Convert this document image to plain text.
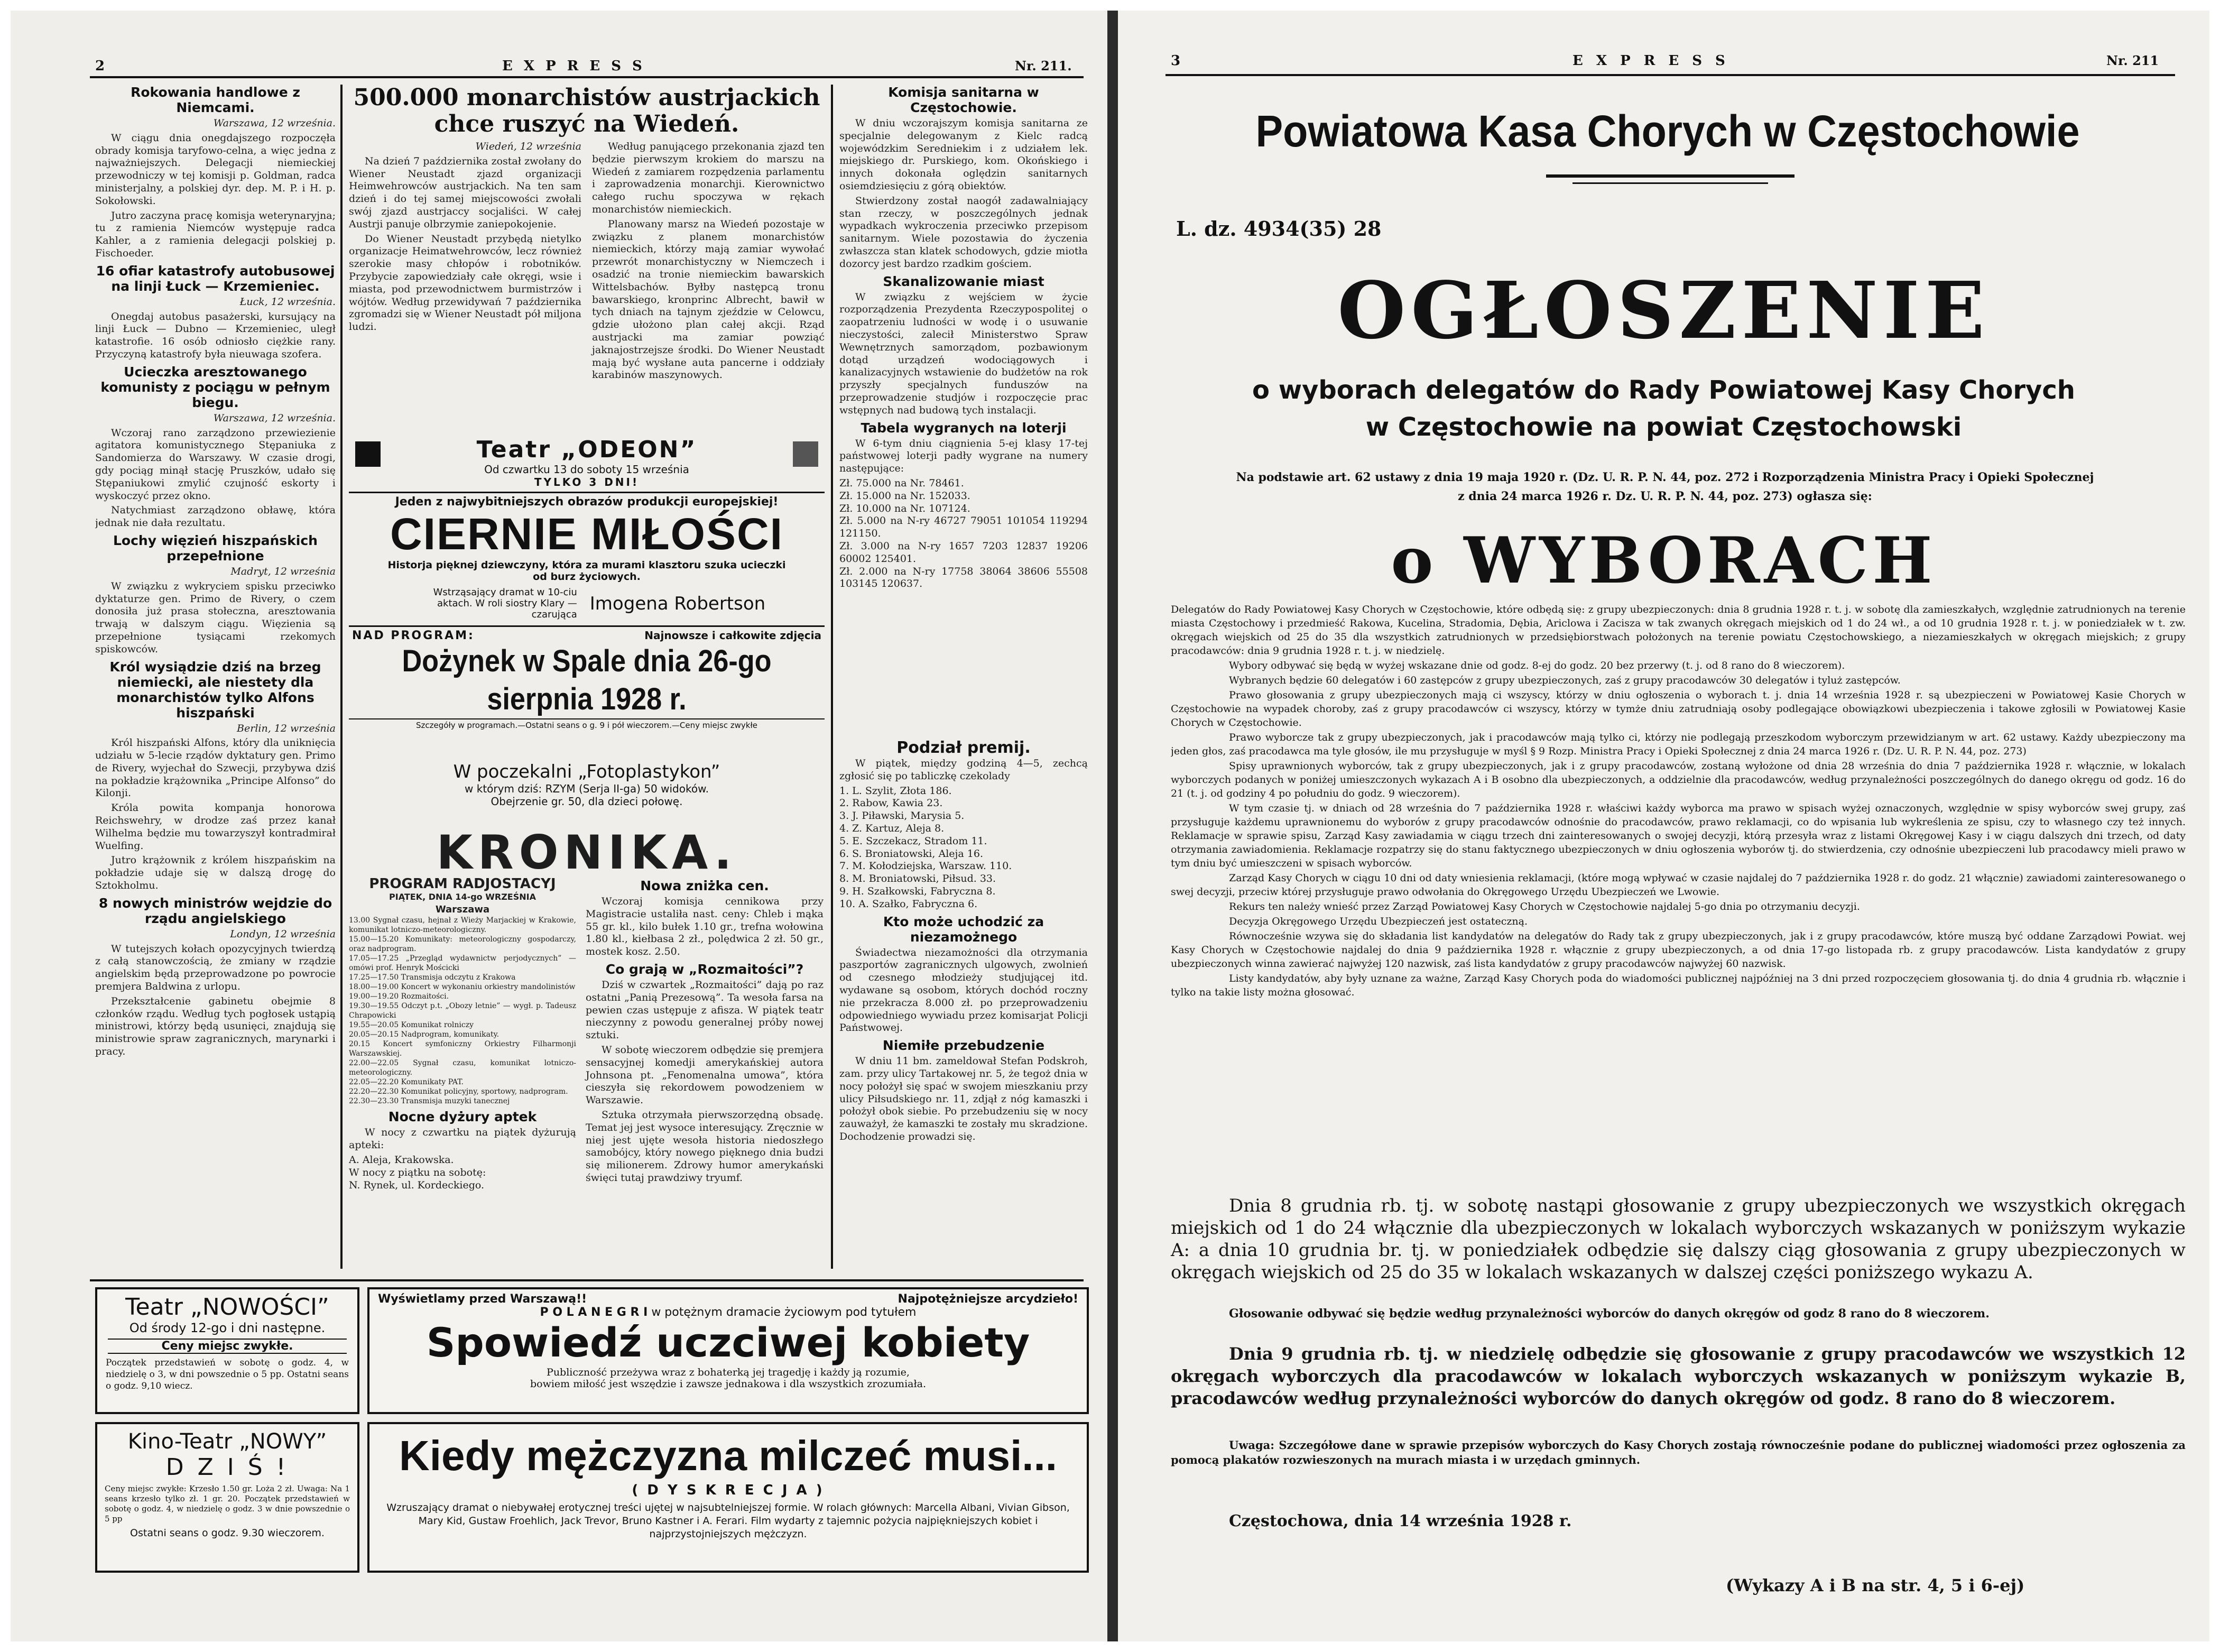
2	E X P R E S S	Nr. 211.
Rokowania handlowe z Niemcami.

Warszawa, 12 września.

W ciągu dnia onegdajszego rozpoczęła obrady komisja taryfowo-celna, a więc jedna z najważniejszych. Delegacji niemieckiej przewodniczy w tej komisji p. Goldman, radca ministerjalny, a polskiej dyr. dep. M. P. i H. p. Sokołowski.

Jutro zaczyna pracę komisja weterynaryjna; tu z ramienia Niemców występuje radca Kahler, a z ramienia delegacji polskiej p. Fischoeder.

16 ofiar katastrofy autobusowej na linji Łuck — Krzemieniec.

Łuck, 12 września.

Onegdaj autobus pasażerski, kursujący na linji Łuck — Dubno — Krzemieniec, uległ katastrofie. 16 osób odniosło ciężkie rany. Przyczyną katastrofy była nieuwaga szofera.

Ucieczka aresztowanego komunisty z pociągu w pełnym biegu.

Warszawa, 12 września.

Wczoraj rano zarządzono przewiezienie agitatora komunistycznego Stępaniuka z Sandomierza do Warszawy. W czasie drogi, gdy pociąg minął stację Pruszków, udało się Stępaniukowi zmylić czujność eskorty i wyskoczyć przez okno.

Natychmiast zarządzono obławę, która jednak nie dała rezultatu.

Lochy więzień hiszpańskich przepełnione

Madryt, 12 września

W związku z wykryciem spisku przeciwko dyktaturze gen. Primo de Rivery, o czem donosiła już prasa stołeczna, aresztowania trwają w dalszym ciągu. Więzienia są przepełnione tysiącami rzekomych spiskowców.

Król wysiądzie dziś na brzeg niemiecki, ale niestety dla monarchistów tylko Alfons hiszpański

Berlin, 12 września

Król hiszpański Alfons, który dla uniknięcia udziału w 5-lecie rządów dyktatury gen. Primo de Rivery, wyjechał do Szwecji, przybywa dziś na pokładzie krążownika „Principe Alfonso” do Kilonji.

Króla powita kompanja honorowa Reichswehry, w drodze zaś przez kanał Wilhelma będzie mu towarzyszył kontradmirał Wuelfing.

Jutro krążownik z królem hiszpańskim na pokładzie udaje się w dalszą drogę do Sztokholmu.

8 nowych ministrów wejdzie do rządu angielskiego

Londyn, 12 września

W tutejszych kołach opozycyjnych twierdzą z całą stanowczością, że zmiany w rządzie angielskim będą przeprowadzone po powrocie premjera Baldwina z urlopu.

Przekształcenie gabinetu obejmie 8 członków rządu. Według tych pogłosek ustąpią ministrowi, którzy będą usunięci, znajdują się ministrowie spraw zagranicznych, marynarki i pracy.

500.000 monarchistów austrjackich chce ruszyć na Wiedeń.

Wiedeń, 12 września

Na dzień 7 października został zwołany do Wiener Neustadt zjazd organizacji Heimwehrowców austrjackich. Na ten sam dzień i do tej samej miejscowości zwołali swój zjazd austrjaccy socjaliści. W całej Austrji panuje olbrzymie zaniepokojenie.

Do Wiener Neustadt przybędą nietylko organizacje Heimatwehrowców, lecz również szerokie masy chłopów i robotników. Przybycie zapowiedziały całe okręgi, wsie i miasta, pod przewodnictwem burmistrzów i wójtów. Według przewidywań 7 października zgromadzi się w Wiener Neustadt pół miljona ludzi.

Według panującego przekonania zjazd ten będzie pierwszym krokiem do marszu na Wiedeń z zamiarem rozpędzenia parlamentu i zaprowadzenia monarchji. Kierownictwo całego ruchu spoczywa w rękach monarchistów niemieckich.

Planowany marsz na Wiedeń pozostaje w związku z planem monarchistów niemieckich, którzy mają zamiar wywołać przewrót monarchistyczny w Niemczech i osadzić na tronie niemieckim bawarskich Wittelsbachów. Byłby następcą tronu bawarskiego, kronprinc Albrecht, bawił w tych dniach na tajnym zjeździe w Celowcu, gdzie ułożono plan całej akcji. Rząd austrjacki ma zamiar powziąć jaknajostrzejsze środki. Do Wiener Neustadt mają być wysłane auta pancerne i oddziały karabinów maszynowych.

Komisja sanitarna w Częstochowie.

W dniu wczorajszym komisja sanitarna ze specjalnie delegowanym z Kielc radcą wojewódzkim Seredniekim i z udziałem lek. miejskiego dr. Purskiego, kom. Okońskiego i innych dokonała oględzin sanitarnych osiemdziesięciu z górą obiektów.

Stwierdzony został naogół zadawalniający stan rzeczy, w poszczególnych jednak wypadkach wykroczenia przeciwko przepisom sanitarnym. Wiele pozostawia do życzenia zwłaszcza stan klatek schodowych, gdzie miotła dozorcy jest bardzo rzadkim gościem.

Skanalizowanie miast

W związku z wejściem w życie rozporządzenia Prezydenta Rzeczypospolitej o zaopatrzeniu ludności w wodę i o usuwanie nieczystości, zalecił Ministerstwo Spraw Wewnętrznych samorządom, pozbawionym dotąd urządzeń wodociągowych i kanalizacyjnych wstawienie do budżetów na rok przyszły specjalnych funduszów na przeprowadzenie studjów i rozpoczęcie prac wstępnych nad budową tych instalacji.

Tabela wygranych na loterji

W 6-tym dniu ciągnienia 5-ej klasy 17-tej państwowej loterji padły wygrane na numery następujące:

Zł. 75.000 na Nr. 78461.
Zł. 15.000 na Nr. 152033.
Zł. 10.000 na Nr. 107124.
Zł. 5.000 na N-ry 46727 79051 101054 119294 121150.
Zł. 3.000 na N-ry 1657 7203 12837 19206 60002 125401.
Zł. 2.000 na N-ry 17758 38064 38606 55508 103145 120637.
Teatr „ODEON”
Od czwartku 13 do soboty 15 września
TYLKO 3 DNI!
Jeden z najwybitniejszych obrazów produkcji europejskiej!
CIERNIE MIŁOŚCI
Historja pięknej dziewczyny, która za murami klasztoru szuka ucieczki od burz życiowych.
Wstrząsający dramat w 10-ciu aktach. W roli siostry Klary — czarująca
Imogena Robertson
NAD PROGRAM:	Najnowsze i całkowite zdjęcia
Dożynek w Spale dnia 26-go sierpnia 1928 r.
Szczegóły w programach.—Ostatni seans o g. 9 i pół wieczorem.—Ceny miejsc zwykłe
W poczekalni „Fotoplastykon”
w którym dziś: RZYM (Serja II-ga) 50 widoków.
Obejrzenie gr. 50, dla dzieci połowę.
Podział premij.

W piątek, między godziną 4—5, zechcą zgłosić się po tabliczkę czekolady

1. L. Szylit, Złota 186.
2. Rabow, Kawia 23.
3. J. Piławski, Marysia 5.
4. Z. Kartuz, Aleja 8.
5. E. Szczekacz, Stradom 11.
6. S. Broniatowski, Aleja 16.
7. M. Kołodziejska, Warszaw. 110.
8. M. Broniatowski, Piłsud. 33.
9. H. Szałkowski, Fabryczna 8.
10. A. Szałko, Fabryczna 6.
Kto może uchodzić za niezamożnego

Świadectwa niezamożności dla otrzymania paszportów zagranicznych ulgowych, zwolnień od czesnego młodzieży studjującej itd. wydawane są osobom, których dochód roczny nie przekracza 8.000 zł. po przeprowadzeniu odpowiedniego wywiadu przez komisarjat Policji Państwowej.

Niemiłe przebudzenie

W dniu 11 bm. zameldował Stefan Podskroh, zam. przy ulicy Tartakowej nr. 5, że tegoż dnia w nocy położył się spać w swojem mieszkaniu przy ulicy Piłsudskiego nr. 11, zdjął z nóg kamaszki i położył obok siebie. Po przebudzeniu się w nocy zauważył, że kamaszki te zostały mu skradzione. Dochodzenie prowadzi się.

KRONIKA.
PROGRAM RADJOSTACYJ
PIĄTEK, DNIA 14-go WRZEŚNIA
Warszawa
13.00 Sygnał czasu, hejnał z Wieży Marjackiej w Krakowie, komunikat lotniczo-meteorologiczny.
15.00—15.20 Komunikaty: meteorologiczny gospodarczy, oraz nadprogram.
17.05—17.25 „Przegląd wydawnictw perjodycznych” — omówi prof. Henryk Mościcki
17.25—17.50 Transmisja odczytu z Krakowa
18.00—19.00 Koncert w wykonaniu orkiestry mandolinistów
19.00—19.20 Rozmaitości.
19.30—19.55 Odczyt p.t. „Obozy letnie” — wygł. p. Tadeusz Chrapowicki
19.55—20.05 Komunikat rolniczy
20.05—20.15 Nadprogram, komunikaty.
20.15 Koncert symfoniczny Orkiestry Filharmonji Warszawskiej.
22.00—22.05 Sygnał czasu, komunikat lotniczo-meteorologiczny.
22.05—22.20 Komunikaty PAT.
22.20—22.30 Komunikat policyjny, sportowy, nadprogram.
22.30—23.30 Transmisja muzyki tanecznej
Nocne dyżury aptek

W nocy z czwartku na piątek dyżurują apteki:

A. Aleja, Krakowska.
W nocy z piątku na sobotę:
N. Rynek, ul. Kordeckiego.
Nowa zniżka cen.

Wczoraj komisja cennikowa przy Magistracie ustaliła nast. ceny: Chleb i mąka 55 gr. kl., kilo bułek 1.10 gr., trefna wołowina 1.80 kl., kiełbasa 2 zł., polędwica 2 zł. 50 gr., mostek kosz. 2.50.

Co grają w „Rozmaitości”?

Dziś w czwartek „Rozmaitości” dają po raz ostatni „Panią Prezesową”. Ta wesoła farsa na pewien czas ustępuje z afisza. W piątek teatr nieczynny z powodu generalnej próby nowej sztuki.

W sobotę wieczorem odbędzie się premjera sensacyjnej komedji amerykańskiej autora Johnsona pt. „Fenomenalna umowa”, która cieszyła się rekordowem powodzeniem w Warszawie.

Sztuka otrzymała pierwszorzędną obsadę. Temat jej jest wysoce interesujący. Zręcznie w niej jest ujęte wesoła historia niedoszłego samobójcy, który nowego pięknego dnia budzi się milionerem. Zdrowy humor amerykański święci tutaj prawdziwy tryumf.

Teatr „NOWOŚCI”
Od środy 12-go i dni następne.
Ceny miejsc zwykłe.
Początek przedstawień w sobotę o godz. 4, w niedzielę o 3, w dni powszednie o 5 pp. Ostatni seans o godz. 9,10 wiecz.
Wyświetlamy przed Warszawą!!	Najpotężniejsze arcydzieło!
P O L A N E G R I w potężnym dramacie życiowym pod tytułem
Spowiedź uczciwej kobiety
Publiczność przeżywa wraz z bohaterką jej tragedję i każdy ją rozumie, bowiem miłość jest wszędzie i zawsze jednakowa i dla wszystkich zrozumiała.
Kino-Teatr „NOWY”
D Z I Ś !
Ceny miejsc zwykłe: Krzesło 1.50 gr. Loża 2 zł. Uwaga: Na 1 seans krzesło tylko zł. 1 gr. 20. Początek przedstawień w sobotę o godz. 4, w niedzielę o godz. 3 w dnie powszednie o 5 pp
Ostatni seans o godz. 9.30 wieczorem.
Kiedy mężczyzna milczeć musi...
( D Y S K R E C J A )
Wzruszający dramat o niebywałej erotycznej treści ujętej w najsubtelniejszej formie. W rolach głównych: Marcella Albani, Vivian Gibson, Mary Kid, Gustaw Froehlich, Jack Trevor, Bruno Kastner i A. Ferari. Film wydarty z tajemnic pożycia najpiękniejszych kobiet i najprzystojniejszych mężczyzn.
3	E X P R E S S	Nr. 211
Powiatowa Kasa Chorych w Częstochowie
L. dz. 4934(35) 28
OGŁOSZENIE
o wyborach delegatów do Rady Powiatowej Kasy Chorych
w Częstochowie na powiat Częstochowski
Na podstawie art. 62 ustawy z dnia 19 maja 1920 r. (Dz. U. R. P. N. 44, poz. 272 i Rozporządzenia Ministra Pracy i Opieki Społecznej
z dnia 24 marca 1926 r. Dz. U. R. P. N. 44, poz. 273) ogłasza się:
o WYBORACH

Delegatów do Rady Powiatowej Kasy Chorych w Częstochowie, które odbędą się: z grupy ubezpieczonych: dnia 8 grudnia 1928 r. t. j. w sobotę dla zamieszkałych, względnie zatrudnionych na terenie miasta Częstochowy i przedmieść Rakowa, Kucelina, Stradomia, Dębia, Ariclowa i Zacisza w tak zwanych okręgach miejskich od 1 do 24 wł., a od 10 grudnia 1928 r. t. j. w poniedziałek w t. zw. okręgach wiejskich od 25 do 35 dla wszystkich zatrudnionych w przedsiębiorstwach położonych na terenie powiatu Częstochowskiego, a niezamieszkałych w okręgach miejskich; z grupy pracodawców: dnia 9 grudnia 1928 r. t. j. w niedzielę.

Wybory odbywać się będą w wyżej wskazane dnie od godz. 8-ej do godz. 20 bez przerwy (t. j. od 8 rano do 8 wieczorem).

Wybranych będzie 60 delegatów i 60 zastępców z grupy ubezpieczonych, zaś z grupy pracodawców 30 delegatów i tyluż zastępców.

Prawo głosowania z grupy ubezpieczonych mają ci wszyscy, którzy w dniu ogłoszenia o wyborach t. j. dnia 14 września 1928 r. są ubezpieczeni w Powiatowej Kasie Chorych w Częstochowie na wypadek choroby, zaś z grupy pracodawców ci wszyscy, którzy w tymże dniu zatrudniają osoby podlegające obowiązkowi ubezpieczenia i takowe zgłosili w Powiatowej Kasie Chorych w Częstochowie.

Prawo wyborcze tak z grupy ubezpieczonych, jak i pracodawców mają tylko ci, którzy nie podlegają przeszkodom wyborczym przewidzianym w art. 62 ustawy. Każdy ubezpieczony ma jeden głos, zaś pracodawca ma tyle głosów, ile mu przysługuje w myśl § 9 Rozp. Ministra Pracy i Opieki Społecznej z dnia 24 marca 1926 r. (Dz. U. R. P. N. 44, poz. 273)

Spisy uprawnionych wyborców, tak z grupy ubezpieczonych, jak i z grupy pracodawców, zostaną wyłożone od dnia 28 września do dnia 7 października 1928 r. włącznie, w lokalach wyborczych podanych w poniżej umieszczonych wykazach A i B osobno dla ubezpieczonych, a oddzielnie dla pracodawców, według przynależności poszczególnych do danego okręgu od godz. 16 do 21 (t. j. od godziny 4 po południu do godz. 9 wieczorem).

W tym czasie tj. w dniach od 28 września do 7 października 1928 r. właściwi każdy wyborca ma prawo w spisach wyżej oznaczonych, względnie w spisy wyborców swej grupy, zaś przysługuje każdemu uprawnionemu do wyborów z grupy pracodawców odnośnie do pracodawców, prawo reklamacji, co do wpisania lub wykreślenia ze spisu, czy to własnego czy też innych. Reklamacje w sprawie spisu, Zarząd Kasy zawiadamia w ciągu trzech dni zainteresowanych o swojej decyzji, którą przesyła wraz z listami Okręgowej Kasy i w ciągu dalszych dni trzech, od daty otrzymania zawiadomienia. Reklamacje rozpatrzy się do stanu faktycznego ubezpieczonych w dniu ogłoszenia wyborów tj. do stwierdzenia, czy odnośnie ubezpieczeni lub pracodawcy mieli prawo w tym dniu być umieszczeni w spisach wyborców.

Zarząd Kasy Chorych w ciągu 10 dni od daty wniesienia reklamacji, (które mogą wpływać w czasie najdalej do 7 października 1928 r. do godz. 21 włącznie) zawiadomi zainteresowanego o swej decyzji, przeciw której przysługuje prawo odwołania do Okręgowego Urzędu Ubezpieczeń we Lwowie.

Rekurs ten należy wnieść przez Zarząd Powiatowej Kasy Chorych w Częstochowie najdalej 5-go dnia po otrzymaniu decyzji.

Decyzja Okręgowego Urzędu Ubezpieczeń jest ostateczną.

Równocześnie wzywa się do składania list kandydatów na delegatów do Rady tak z grupy ubezpieczonych, jak i z grupy pracodawców, które muszą być oddane Zarządowi Powiat. wej Kasy Chorych w Częstochowie najdalej do dnia 9 października 1928 r. włącznie z grupy ubezpieczonych, a od dnia 17-go listopada rb. z grupy pracodawców. Lista kandydatów z grupy ubezpieczonych winna zawierać najwyżej 120 nazwisk, zaś lista kandydatów z grupy pracodawców najwyżej 60 nazwisk.

Listy kandydatów, aby były uznane za ważne, Zarząd Kasy Chorych poda do wiadomości publicznej najpóźniej na 3 dni przed rozpoczęciem głosowania tj. do dnia 4 grudnia rb. włącznie i tylko na takie listy można głosować.

Dnia 8 grudnia rb. tj. w sobotę nastąpi głosowanie z grupy ubezpieczonych we wszystkich okręgach miejskich od 1 do 24 włącznie dla ubezpieczonych w lokalach wyborczych wskazanych w poniższym wykazie A: a dnia 10 grudnia br. tj. w poniedziałek odbędzie się dalszy ciąg głosowania z grupy ubezpieczonych w okręgach wiejskich od 25 do 35 w lokalach wskazanych w dalszej części poniższego wykazu A.
Głosowanie odbywać się będzie według przynależności wyborców do danych okręgów od godz 8 rano do 8 wieczorem.
Dnia 9 grudnia rb. tj. w niedzielę odbędzie się głosowanie z grupy pracodawców we wszystkich 12 okręgach wyborczych dla pracodawców w lokalach wyborczych wskazanych w poniższym wykazie B, pracodawców według przynależności wyborców do danych okręgów od godz. 8 rano do 8 wieczorem.
Uwaga: Szczegółowe dane w sprawie przepisów wyborczych do Kasy Chorych zostają równocześnie podane do publicznej wiadomości przez ogłoszenia za pomocą plakatów rozwieszonych na murach miasta i w urzędach gminnych.
Częstochowa, dnia 14 września 1928 r.
(Wykazy A i B na str. 4, 5 i 6-ej)
